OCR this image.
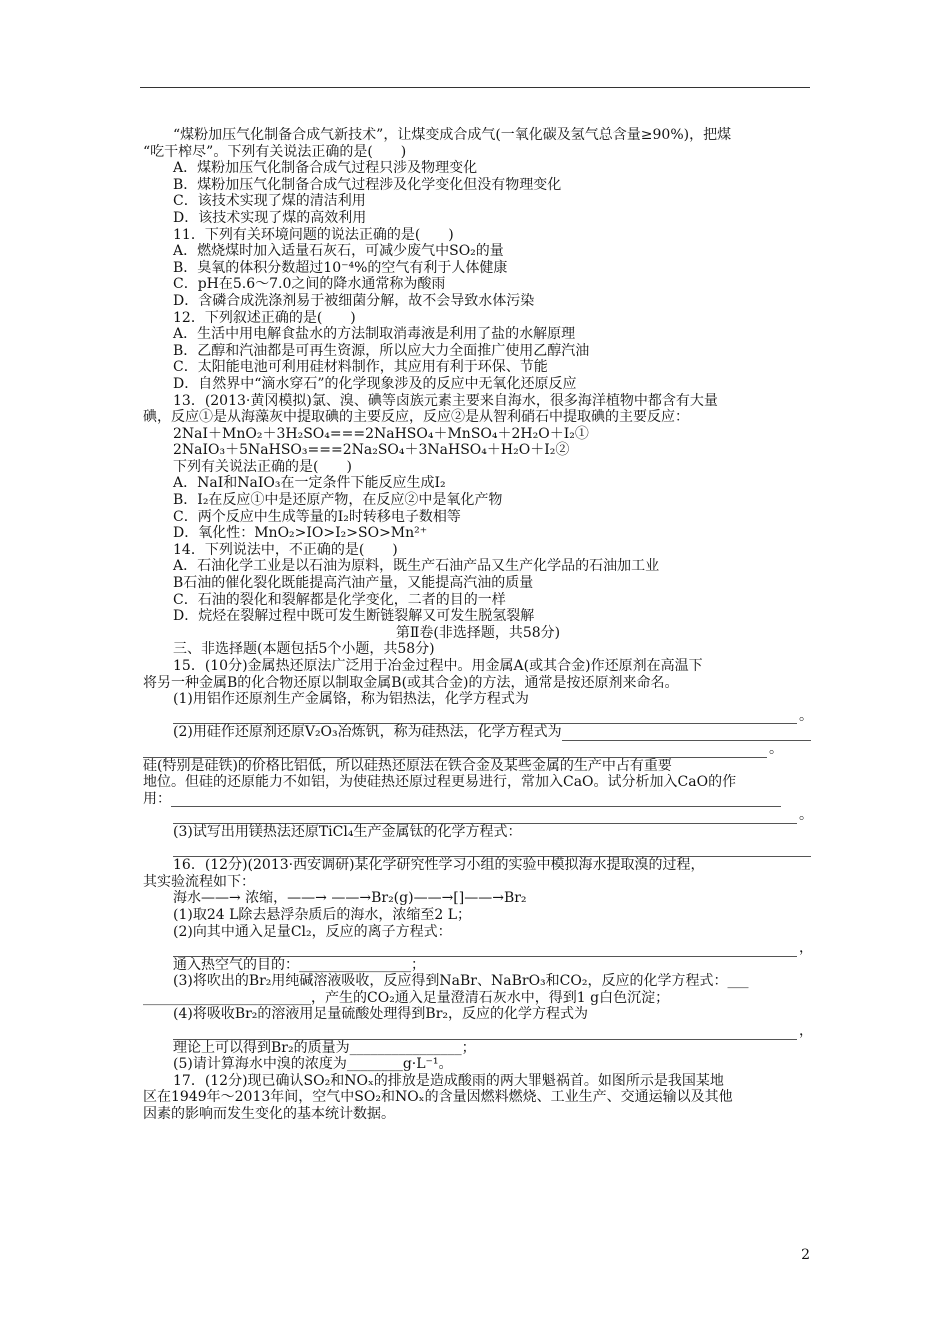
“煤粉加压气化制备合成气新技术”，让煤变成合成气(一氧化碳及氢气总含量≥90%)，把煤
“吃干榨尽”。下列有关说法正确的是(　　)
A．煤粉加压气化制备合成气过程只涉及物理变化
B．煤粉加压气化制备合成气过程涉及化学变化但没有物理变化
C．该技术实现了煤的清洁利用
D．该技术实现了煤的高效利用
11．下列有关环境问题的说法正确的是(　　)
A．燃烧煤时加入适量石灰石，可减少废气中SO₂的量
B．臭氧的体积分数超过10⁻⁴%的空气有利于人体健康
C．pH在5.6～7.0之间的降水通常称为酸雨
D．含磷合成洗涤剂易于被细菌分解，故不会导致水体污染
12．下列叙述正确的是(　　)
A．生活中用电解食盐水的方法制取消毒液是利用了盐的水解原理
B．乙醇和汽油都是可再生资源，所以应大力全面推广使用乙醇汽油
C．太阳能电池可利用硅材料制作，其应用有利于环保、节能
D．自然界中“滴水穿石”的化学现象涉及的反应中无氧化还原反应
13．(2013·黄冈模拟)氯、溴、碘等卤族元素主要来自海水，很多海洋植物中都含有大量
碘，反应①是从海藻灰中提取碘的主要反应，反应②是从智利硝石中提取碘的主要反应：
2NaI＋MnO₂＋3H₂SO₄===2NaHSO₄＋MnSO₄＋2H₂O＋I₂①
2NaIO₃＋5NaHSO₃===2Na₂SO₄＋3NaHSO₄＋H₂O＋I₂②
下列有关说法正确的是(　　)
A．NaI和NaIO₃在一定条件下能反应生成I₂
B．I₂在反应①中是还原产物，在反应②中是氧化产物
C．两个反应中生成等量的I₂时转移电子数相等
D．氧化性：MnO₂>IO>I₂>SO>Mn²⁺
14．下列说法中，不正确的是(　　)
A．石油化学工业是以石油为原料，既生产石油产品又生产化学品的石油加工业
B石油的催化裂化既能提高汽油产量，又能提高汽油的质量
C．石油的裂化和裂解都是化学变化，二者的目的一样
D．烷烃在裂解过程中既可发生断链裂解又可发生脱氢裂解
第Ⅱ卷(非选择题，共58分)
三、非选择题(本题包括5个小题，共58分)
15．(10分)金属热还原法广泛用于冶金过程中。用金属A(或其合金)作还原剂在高温下
将另一种金属B的化合物还原以制取金属B(或其合金)的方法，通常是按还原剂来命名。
(1)用铝作还原剂生产金属铬，称为铝热法，化学方程式为
。
(2)用硅作还原剂还原V₂O₃冶炼钒，称为硅热法，化学方程式为
。
硅(特别是硅铁)的价格比铝低，所以硅热还原法在铁合金及某些金属的生产中占有重要
地位。但硅的还原能力不如铝，为使硅热还原过程更易进行，常加入CaO。试分析加入CaO的作
用：
。
(3)试写出用镁热法还原TiCl₄生产金属钛的化学方程式：
16．(12分)(2013·西安调研)某化学研究性学习小组的实验中模拟海水提取溴的过程，
其实验流程如下：
海水——→ 浓缩，——→ ——→Br₂(g)——→[]——→Br₂
(1)取24 L除去悬浮杂质后的海水，浓缩至2 L；
(2)向其中通入足量Cl₂，反应的离子方程式：
，
通入热空气的目的：________________；
(3)将吹出的Br₂用纯碱溶液吸收，反应得到NaBr、NaBrO₃和CO₂，反应的化学方程式：___
________________________，产生的CO₂通入足量澄清石灰水中，得到1 g白色沉淀；
(4)将吸收Br₂的溶液用足量硫酸处理得到Br₂，反应的化学方程式为
，
理论上可以得到Br₂的质量为________________；
(5)请计算海水中溴的浓度为________g·L⁻¹。
17．(12分)现已确认SO₂和NOₓ的排放是造成酸雨的两大罪魁祸首。如图所示是我国某地
区在1949年～2013年间，空气中SO₂和NOₓ的含量因燃料燃烧、工业生产、交通运输以及其他
因素的影响而发生变化的基本统计数据。
2
